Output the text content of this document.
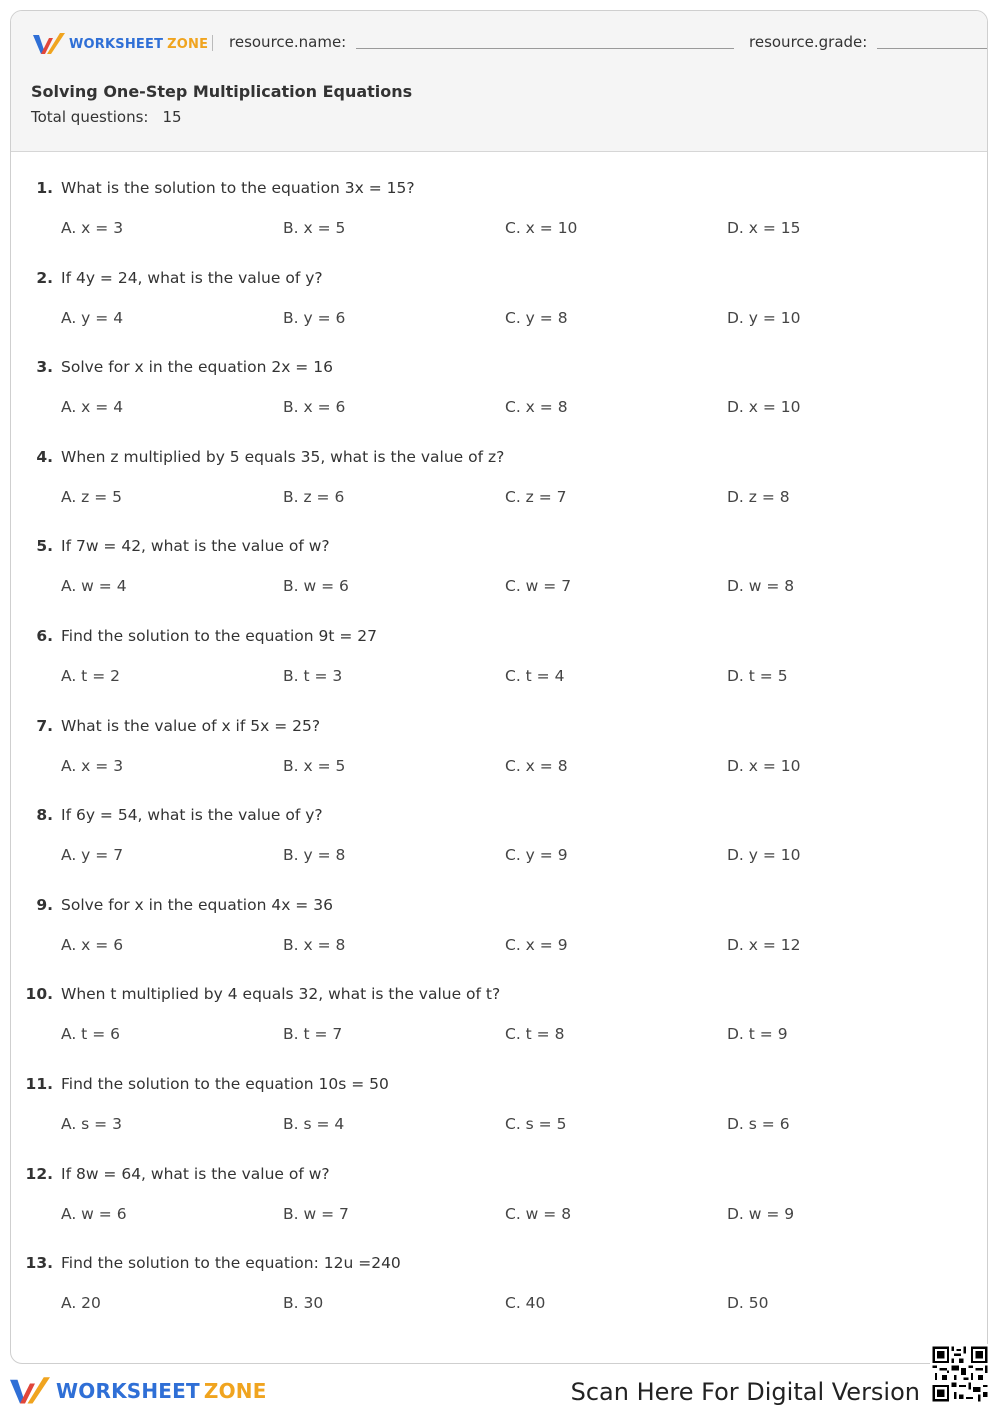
WORKSHEET ZONE resource.name:	resource.grade:
Solving One-Step Multiplication Equations
Total questions: 15
1. What is the solution to the equation 3x = 15?
A. x = 3	B. x = 5	C. x = 10	D. x = 15
2. If 4y = 24, what is the value of y?
A. y = 4	B. y = 6	C. y = 8	D. y = 10
3. Solve for x in the equation 2x = 16
A. x = 4	B. x = 6	C. x = 8	D. x = 10
4. When z multiplied by 5 equals 35, what is the value of z?
A. z = 5	B. z = 6	C. z = 7	D. z = 8
5. If 7w = 42, what is the value of w?
A. w = 4	B. w = 6	C. w = 7	D. w = 8
6. Find the solution to the equation 9t = 27
A. t = 2	B. t = 3	C. t = 4	D. t = 5
7. What is the value of x if 5x = 25?
A. x = 3	B. x = 5	C. x = 8	D. x = 10
8. If 6y = 54, what is the value of y?
A. y = 7	B. y = 8	C. y = 9	D. y = 10
9. Solve for x in the equation 4x = 36
A. x = 6	B. x = 8	C. x = 9	D. x = 12
10. When t multiplied by 4 equals 32, what is the value of t?
A. t = 6	B. t = 7	C. t = 8	D. t = 9
11. Find the solution to the equation 10s = 50
A. s = 3	B. s = 4	C. s = 5	D. s = 6
12. If 8w = 64, what is the value of w?
A. w = 6	B. w = 7	C. w = 8	D. w = 9
13. Find the solution to the equation: 12u =240
A. 20	B. 30	C. 40	D. 50
WORKSHEET ZONE	Scan Here For Digital Version
